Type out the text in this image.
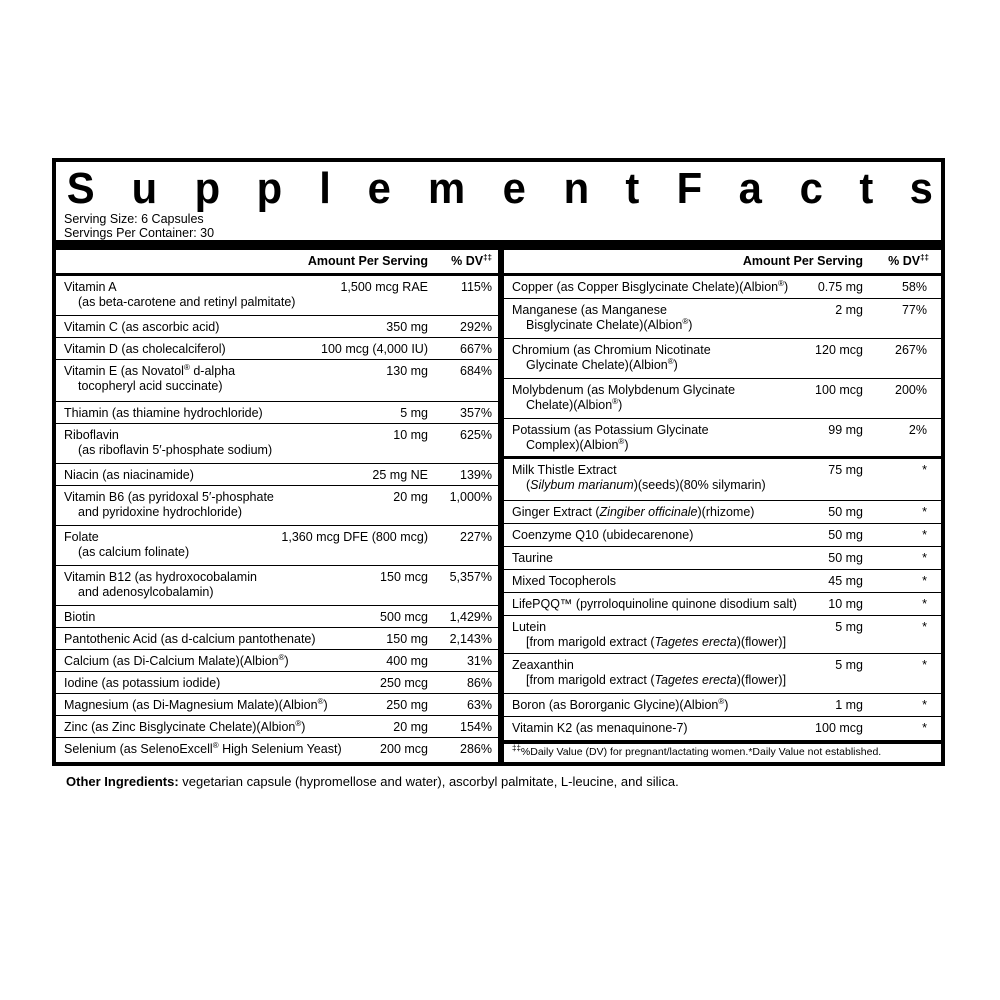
S u p p l e m e n t F a c t s
Serving Size: 6 Capsules
Servings Per Container: 30
Amount Per Serving % DV‡‡
Vitamin A
(as beta-carotene and retinyl palmitate)
1,500 mcg RAE	115%
Vitamin C (as ascorbic acid)	350 mg	292%
Vitamin D (as cholecalciferol)	100 mcg (4,000 IU)	667%
Vitamin E (as Novatol® d-alpha
tocopheryl acid succinate)
130 mg	684%
Thiamin (as thiamine hydrochloride)	5 mg	357%
Riboflavin
(as riboflavin 5′-phosphate sodium)
10 mg	625%
Niacin (as niacinamide)	25 mg NE	139%
Vitamin B6 (as pyridoxal 5′-phosphate
and pyridoxine hydrochloride)
20 mg 1,000%
Folate
(as calcium folinate)
1,360 mcg DFE (800 mcg)	227%
Vitamin B12 (as hydroxocobalamin
and adenosylcobalamin)
150 mcg 5,357%
Biotin	500 mcg 1,429%
Pantothenic Acid (as d-calcium pantothenate)	150 mg 2,143%
Calcium (as Di-Calcium Malate)(Albion®)	400 mg	31%
Iodine (as potassium iodide)	250 mcg	86%
Magnesium (as Di-Magnesium Malate)(Albion®)	250 mg	63%
Zinc (as Zinc Bisglycinate Chelate)(Albion®)	20 mg	154%
Selenium (as SelenoExcell® High Selenium Yeast)	200 mcg	286%
Amount Per Serving % DV‡‡
Copper (as Copper Bisglycinate Chelate)(Albion®) 0.75 mg	58%
Manganese (as Manganese
Bisglycinate Chelate)(Albion®)
2 mg	77%
Chromium (as Chromium Nicotinate
Glycinate Chelate)(Albion®)
120 mcg	267%
Molybdenum (as Molybdenum Glycinate
Chelate)(Albion®)
100 mcg	200%
Potassium (as Potassium Glycinate
Complex)(Albion®)
99 mg	2%
Milk Thistle Extract
(Silybum marianum)(seeds)(80% silymarin)
75 mg	*
Ginger Extract (Zingiber officinale)(rhizome)	50 mg	*
Coenzyme Q10 (ubidecarenone)	50 mg	*
Taurine	50 mg	*
Mixed Tocopherols	45 mg	*
LifePQQ™ (pyrroloquinoline quinone disodium salt)	10 mg	*
Lutein
[from marigold extract (Tagetes erecta)(flower)]
5 mg	*
Zeaxanthin
[from marigold extract (Tagetes erecta)(flower)]
5 mg	*
Boron (as Bororganic Glycine)(Albion®)	1 mg	*
Vitamin K2 (as menaquinone-7)	100 mcg	*
‡‡%Daily Value (DV) for pregnant/lactating women.*Daily Value not established.
Other Ingredients: vegetarian capsule (hypromellose and water), ascorbyl palmitate, L-leucine, and silica.
